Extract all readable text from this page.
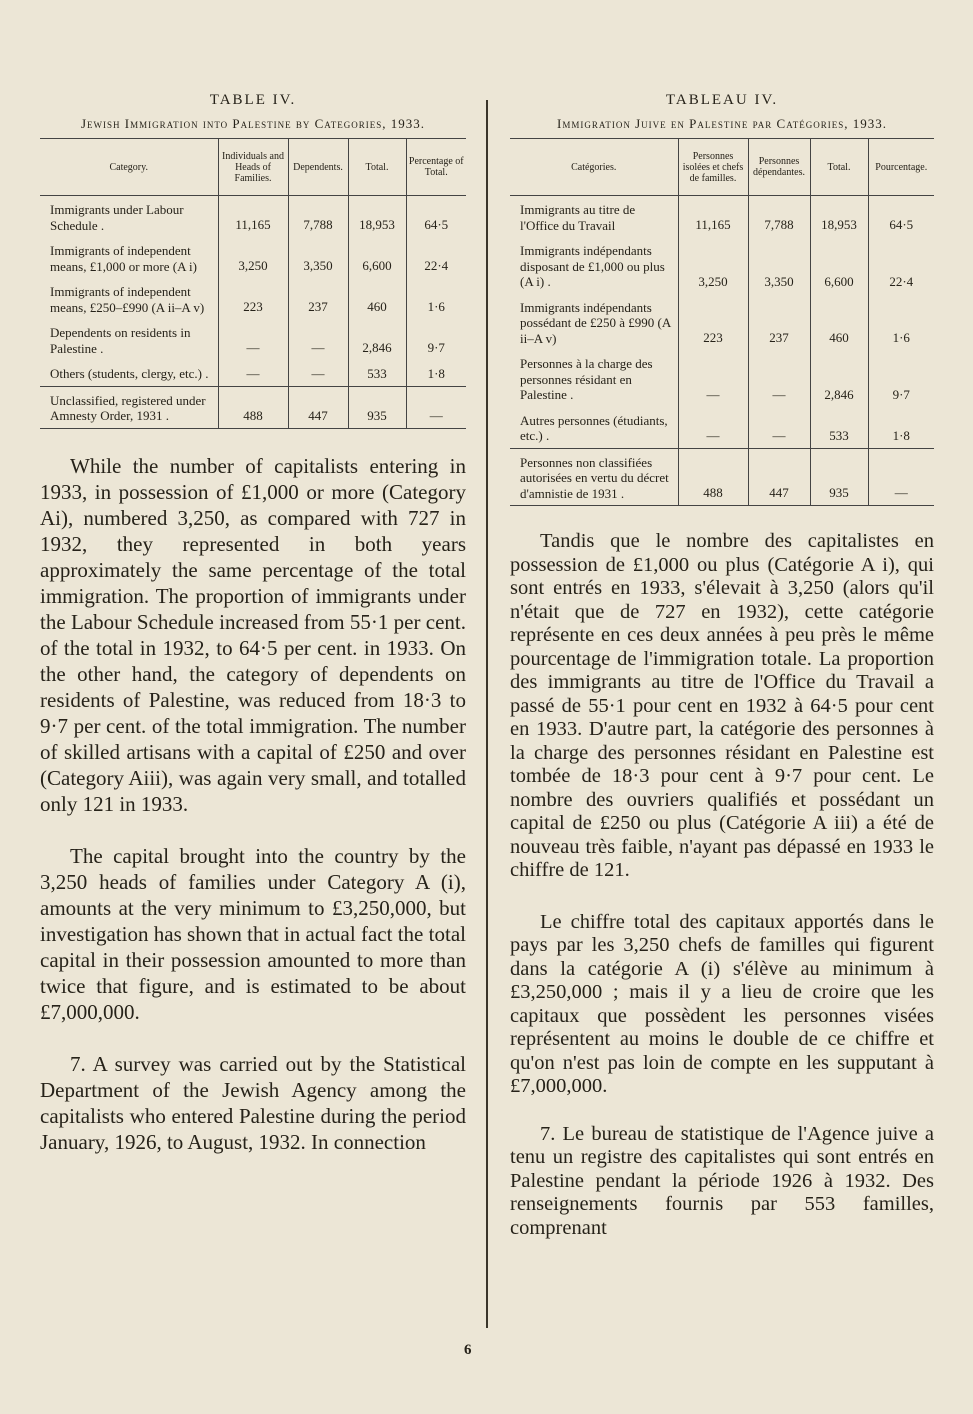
TABLE IV.
Jewish Immigration into Palestine by Categories, 1933.
Category.	Individuals and Heads of Families.	Dependents.	Total.	Percentage of Total.
Immigrants under Labour Schedule .	11,165	7,788	18,953	64·5
Immigrants of independent means, £1,000 or more (A i)	3,250	3,350	6,600	22·4
Immigrants of independent means, £250–£990 (A ii–A v)	223	237	460	1·6
Dependents on residents in Palestine .	—	—	2,846	9·7
Others (students, clergy, etc.) .	—	—	533	1·8
Unclassified, registered under Amnesty Order, 1931 .	488	447	935	—

While the number of capitalists entering in 1933, in possession of £1,000 or more (Category Ai), numbered 3,250, as compared with 727 in 1932, they represented in both years approximately the same percentage of the total immigration. The proportion of immigrants under the Labour Schedule increased from 55·1 per cent. of the total in 1932, to 64·5 per cent. in 1933. On the other hand, the category of dependents on residents of Palestine, was reduced from 18·3 to 9·7 per cent. of the total immigration. The number of skilled artisans with a capital of £250 and over (Category Aiii), was again very small, and totalled only 121 in 1933.

The capital brought into the country by the 3,250 heads of families under Category A (i), amounts at the very minimum to £3,250,000, but investigation has shown that in actual fact the total capital in their possession amounted to more than twice that figure, and is estimated to be about £7,000,000.

7. A survey was carried out by the Statistical Department of the Jewish Agency among the capitalists who entered Palestine during the period January, 1926, to August, 1932. In connection

TABLEAU IV.
Immigration Juive en Palestine par Catégories, 1933.
Catégories.	Personnes isolées et chefs de familles.	Personnes dépendantes.	Total.	Pourcentage.
Immigrants au titre de l'Office du Travail	11,165	7,788	18,953	64·5
Immigrants indépendants disposant de £1,000 ou plus (A i) .	3,250	3,350	6,600	22·4
Immigrants indépendants possédant de £250 à £990 (A ii–A v)	223	237	460	1·6
Personnes à la charge des personnes résidant en Palestine .	—	—	2,846	9·7
Autres personnes (étudiants, etc.) .	—	—	533	1·8
Personnes non classifiées autorisées en vertu du décret d'amnistie de 1931 .	488	447	935	—

Tandis que le nombre des capitalistes en possession de £1,000 ou plus (Catégorie A i), qui sont entrés en 1933, s'élevait à 3,250 (alors qu'il n'était que de 727 en 1932), cette catégorie représente en ces deux années à peu près le même pourcentage de l'immigration totale. La proportion des immigrants au titre de l'Office du Travail a passé de 55·1 pour cent en 1932 à 64·5 pour cent en 1933. D'autre part, la catégorie des personnes à la charge des personnes résidant en Palestine est tombée de 18·3 pour cent à 9·7 pour cent. Le nombre des ouvriers qualifiés et possédant un capital de £250 ou plus (Catégorie A iii) a été de nouveau très faible, n'ayant pas dépassé en 1933 le chiffre de 121.

Le chiffre total des capitaux apportés dans le pays par les 3,250 chefs de familles qui figurent dans la catégorie A (i) s'élève au minimum à £3,250,000 ; mais il y a lieu de croire que les capitaux que possèdent les personnes visées représentent au moins le double de ce chiffre et qu'on n'est pas loin de compte en les supputant à £7,000,000.

7. Le bureau de statistique de l'Agence juive a tenu un registre des capitalistes qui sont entrés en Palestine pendant la période 1926 à 1932. Des renseignements fournis par 553 familles, comprenant

6
